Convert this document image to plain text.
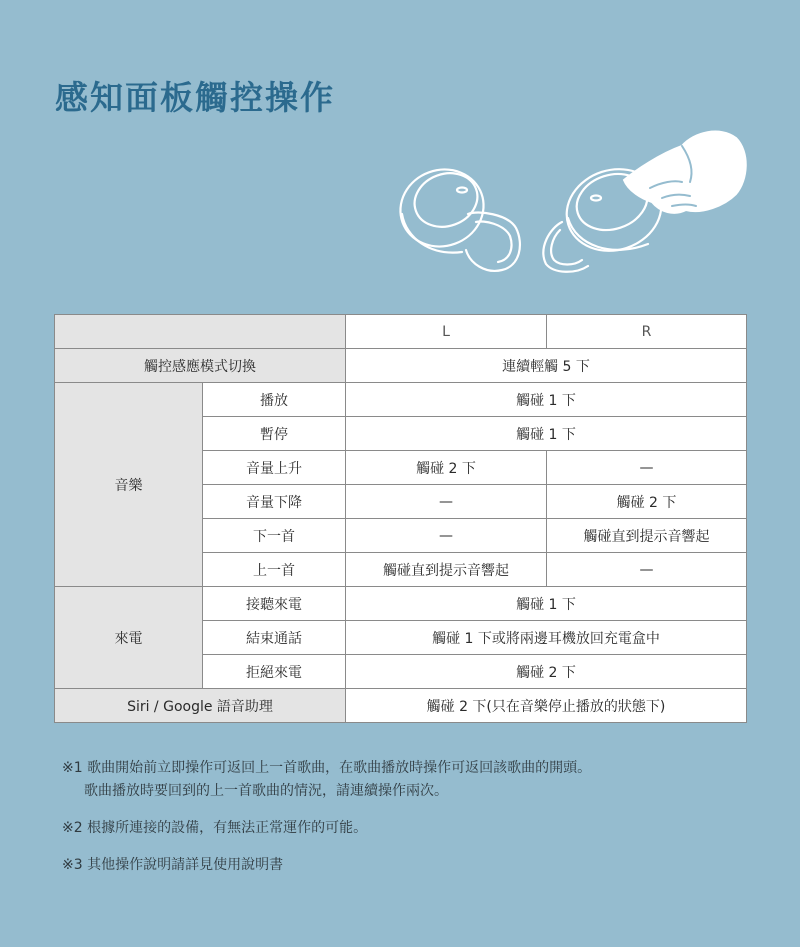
感知面板觸控操作
		L	R
觸控感應模式切換		連續輕觸 5 下	
音樂	播放	觸碰 1 下	
	暫停	觸碰 1 下	
	音量上升	觸碰 2 下	—
	音量下降	—	觸碰 2 下
	下一首	—	觸碰直到提示音響起
	上一首	觸碰直到提示音響起	—
來電	接聽來電	觸碰 1 下	
	結束通話	觸碰 1 下或將兩邊耳機放回充電盒中	
	拒絕來電	觸碰 2 下	
Siri / Google 語音助理		觸碰 2 下(只在音樂停止播放的狀態下)	
※1 歌曲開始前立即操作可返回上一首歌曲，在歌曲播放時操作可返回該歌曲的開頭。
歌曲播放時要回到的上一首歌曲的情況，請連續操作兩次。
※2 根據所連接的設備，有無法正常運作的可能。
※3 其他操作說明請詳見使用說明書
